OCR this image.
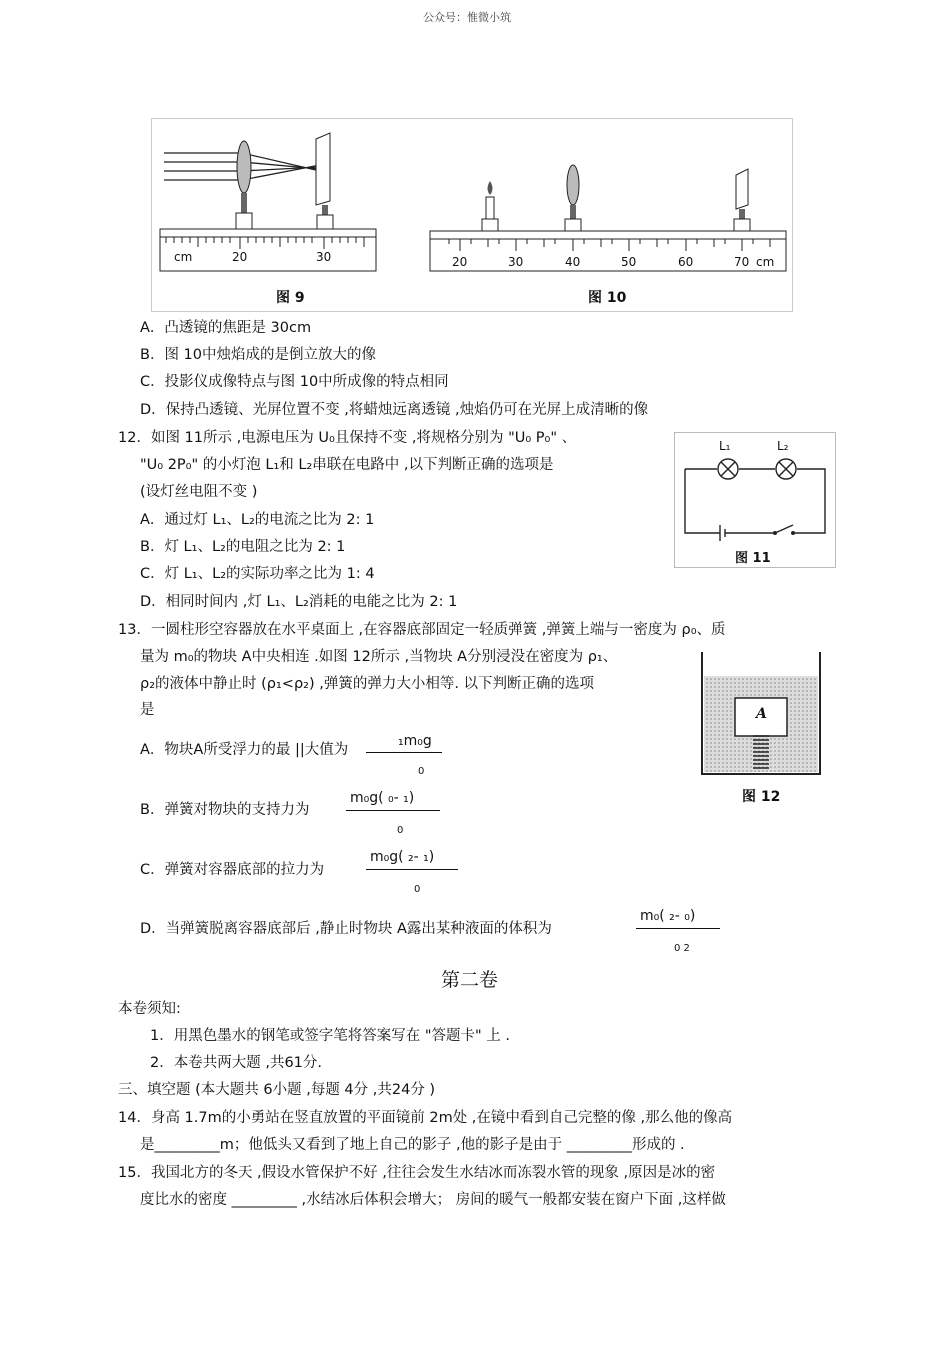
公众号：惟微小筑
cm	20	30	20	30	40	50	60	70 cm
图 9	图 10
A．凸透镜的焦距是 30cm
B．图 10中烛焰成的是倒立放大的像
C．投影仪成像特点与图 10中所成像的特点相同
D．保持凸透镜、光屏位置不变 ,将蜡烛远离透镜 ,烛焰仍可在光屏上成清晰的像
12．如图 11所示 ,电源电压为 U₀且保持不变 ,将规格分别为 "U₀ P₀" 、
"U₀ 2P₀" 的小灯泡 L₁和 L₂串联在电路中 ,以下判断正确的选项是
(设灯丝电阻不变 )
A．通过灯 L₁、L₂的电流之比为 2: 1
B．灯 L₁、L₂的电阻之比为 2: 1
C．灯 L₁、L₂的实际功率之比为 1: 4
D．相同时间内 ,灯 L₁、L₂消耗的电能之比为 2: 1
L₁	L₂
图 11
13．一圆柱形空容器放在水平桌面上 ,在容器底部固定一轻质弹簧 ,弹簧上端与一密度为 ρ₀、质
量为 m₀的物块 A中央相连 .如图 12所示 ,当物块 A分别浸没在密度为 ρ₁、
ρ₂的液体中静止时 (ρ₁<ρ₂) ,弹簧的弹力大小相等. 以下判断正确的选项
是	A
图 12
A．物块A所受浮力的最 ||大值为
₁m₀g
0
B．弹簧对物块的支持力为
m₀g( ₀- ₁)
0
C．弹簧对容器底部的拉力为
m₀g( ₂- ₁)
0
D．当弹簧脱离容器底部后 ,静止时物块 A露出某种液面的体积为
m₀( ₂- ₀)
0 2
第二卷
本卷须知:
1．用黑色墨水的钢笔或签字笔将答案写在 "答题卡" 上 .
2．本卷共两大题 ,共61分.
三、填空题 (本大题共 6小题 ,每题 4分 ,共24分 )
14．身高 1.7m的小勇站在竖直放置的平面镜前 2m处 ,在镜中看到自己完整的像 ,那么他的像高
是_________m；他低头又看到了地上自己的影子 ,他的影子是由于 _________形成的 .
15．我国北方的冬天 ,假设水管保护不好 ,往往会发生水结冰而冻裂水管的现象 ,原因是冰的密
度比水的密度 _________ ,水结冰后体积会增大； 房间的暖气一般都安装在窗户下面 ,这样做
